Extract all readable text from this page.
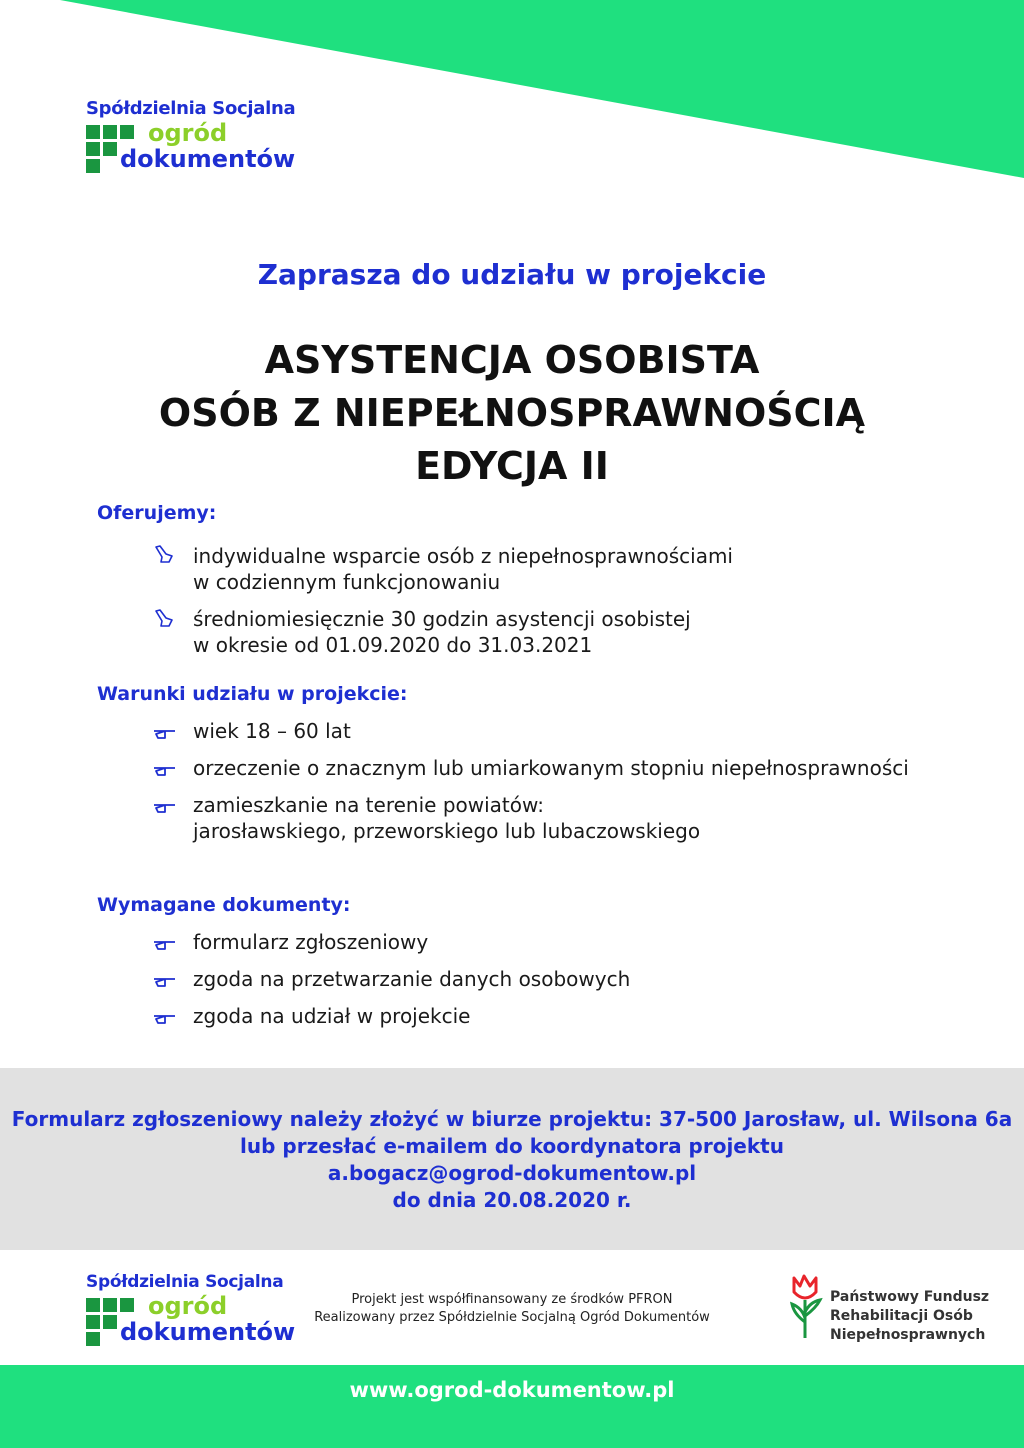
Spółdzielnia Socjalna
ogród
dokumentów
Zaprasza do udziału w projekcie
ASYSTENCJA OSOBISTA
OSÓB Z NIEPEŁNOSPRAWNOŚCIĄ
EDYCJA II
Oferujemy:
indywidualne wsparcie osób z niepełnosprawnościami
w codziennym funkcjonowaniu
średniomiesięcznie 30 godzin asystencji osobistej
w okresie od 01.09.2020 do 31.03.2021
Warunki udziału w projekcie:
wiek 18 – 60 lat
orzeczenie o znacznym lub umiarkowanym stopniu niepełnosprawności
zamieszkanie na terenie powiatów:
jarosławskiego, przeworskiego lub lubaczowskiego
Wymagane dokumenty:
formularz zgłoszeniowy
zgoda na przetwarzanie danych osobowych
zgoda na udział w projekcie
Formularz zgłoszeniowy należy złożyć w biurze projektu: 37-500 Jarosław, ul. Wilsona 6a
lub przesłać e-mailem do koordynatora projektu
a.bogacz@ogrod-dokumentow.pl
do dnia 20.08.2020 r.
Spółdzielnia Socjalna
ogród
dokumentów
Projekt jest współfinansowany ze środków PFRON
Realizowany przez Spółdzielnie Socjalną Ogród Dokumentów
Państwowy Fundusz
Rehabilitacji Osób
Niepełnosprawnych
www.ogrod-dokumentow.pl
